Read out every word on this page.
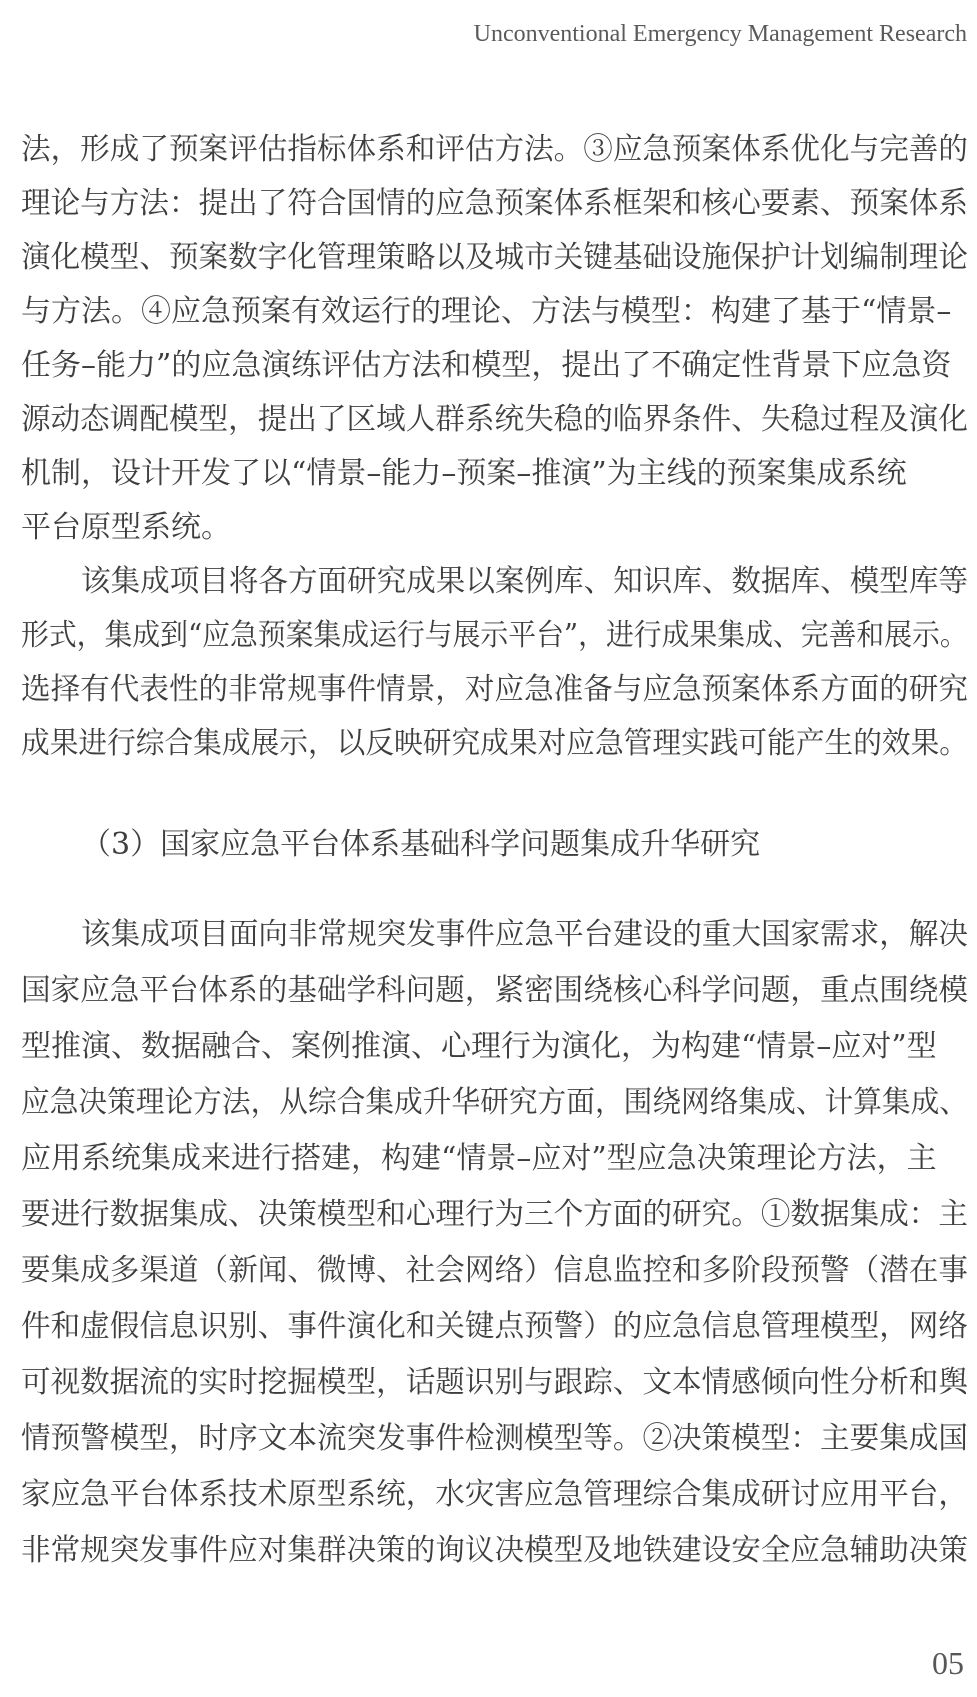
Unconventional Emergency Management Research
法，形成了预案评估指标体系和评估方法。③应急预案体系优化与完善的
理论与方法：提出了符合国情的应急预案体系框架和核心要素、预案体系
演化模型、预案数字化管理策略以及城市关键基础设施保护计划编制理论
与方法。④应急预案有效运行的理论、方法与模型：构建了基于“情景–
任务–能力”的应急演练评估方法和模型，提出了不确定性背景下应急资
源动态调配模型，提出了区域人群系统失稳的临界条件、失稳过程及演化
机制，设计开发了以“情景–能力–预案–推演”为主线的预案集成系统
平台原型系统。
该集成项目将各方面研究成果以案例库、知识库、数据库、模型库等
形式，集成到“应急预案集成运行与展示平台”，进行成果集成、完善和展示。
选择有代表性的非常规事件情景，对应急准备与应急预案体系方面的研究
成果进行综合集成展示，以反映研究成果对应急管理实践可能产生的效果。
（3）国家应急平台体系基础科学问题集成升华研究
该集成项目面向非常规突发事件应急平台建设的重大国家需求，解决
国家应急平台体系的基础学科问题，紧密围绕核心科学问题，重点围绕模
型推演、数据融合、案例推演、心理行为演化，为构建“情景–应对”型
应急决策理论方法，从综合集成升华研究方面，围绕网络集成、计算集成、
应用系统集成来进行搭建，构建“情景–应对”型应急决策理论方法，主
要进行数据集成、决策模型和心理行为三个方面的研究。①数据集成：主
要集成多渠道（新闻、微博、社会网络）信息监控和多阶段预警（潜在事
件和虚假信息识别、事件演化和关键点预警）的应急信息管理模型，网络
可视数据流的实时挖掘模型，话题识别与跟踪、文本情感倾向性分析和舆
情预警模型，时序文本流突发事件检测模型等。②决策模型：主要集成国
家应急平台体系技术原型系统，水灾害应急管理综合集成研讨应用平台，
非常规突发事件应对集群决策的询议决模型及地铁建设安全应急辅助决策
05
